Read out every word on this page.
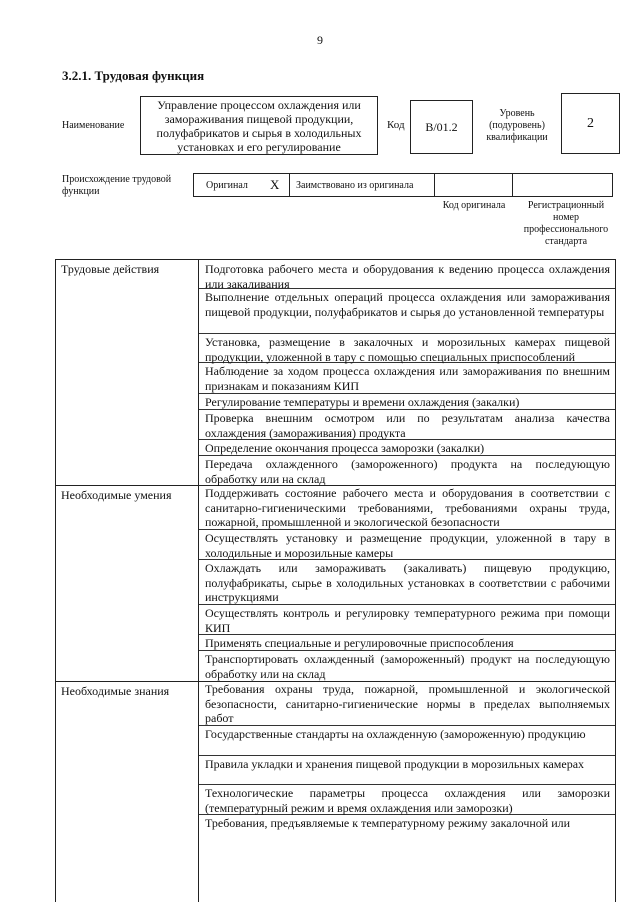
9
3.2.1. Трудовая функция
Наименование
Управление процессом охлаждения или замораживания пищевой продукции, полуфабрикатов и сырья в холодильных установках и его регулирование
Код B/01.2
Уровень (подуровень) квалификации
2
Происхождение трудовой функции
Оригинал X Заимствовано из оригинала
Код оригинала	Регистрационный номер профессионального стандарта
Трудовые действия
Необходимые умения
Необходимые знания
Подготовка рабочего места и оборудования к ведению процесса охлаждения или закаливания
Выполнение отдельных операций процесса охлаждения или замораживания пищевой продукции, полуфабрикатов и сырья до установленной температуры
Установка, размещение в закалочных и морозильных камерах пищевой продукции, уложенной в тару с помощью специальных приспособлений
Наблюдение за ходом процесса охлаждения или замораживания по внешним признакам и показаниям КИП
Регулирование температуры и времени охлаждения (закалки)
Проверка внешним осмотром или по результатам анализа качества охлаждения (замораживания) продукта
Определение окончания процесса заморозки (закалки)
Передача охлажденного (замороженного) продукта на последующую обработку или на склад
Поддерживать состояние рабочего места и оборудования в соответствии с санитарно-гигиеническими требованиями, требованиями охраны труда, пожарной, промышленной и экологической безопасности
Осуществлять установку и размещение продукции, уложенной в тару в холодильные и морозильные камеры
Охлаждать или замораживать (закаливать) пищевую продукцию, полуфабрикаты, сырье в холодильных установках в соответствии с рабочими инструкциями
Осуществлять контроль и регулировку температурного режима при помощи КИП
Применять специальные и регулировочные приспособления
Транспортировать охлажденный (замороженный) продукт на последующую обработку или на склад
Требования охраны труда, пожарной, промышленной и экологической безопасности, санитарно-гигиенические нормы в пределах выполняемых работ
Государственные стандарты на охлажденную (замороженную) продукцию
Правила укладки и хранения пищевой продукции в морозильных камерах
Технологические параметры процесса охлаждения или заморозки (температурный режим и время охлаждения или заморозки)
Требования, предъявляемые к температурному режиму закалочной или
